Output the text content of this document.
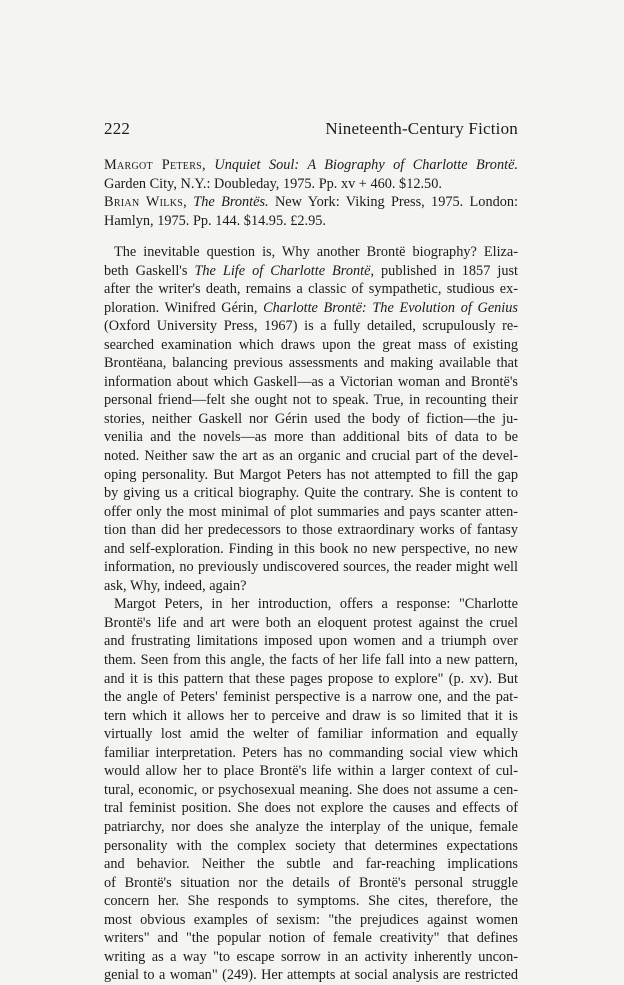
222	Nineteenth-Century Fiction
Margot Peters, Unquiet Soul: A Biography of Charlotte Brontë.
Garden City, N.Y.: Doubleday, 1975. Pp. xv + 460. $12.50.
Brian Wilks, The Brontës. New York: Viking Press, 1975. London:
Hamlyn, 1975. Pp. 144. $14.95. £2.95.
The inevitable question is, Why another Brontë biography? Eliza-
beth Gaskell's The Life of Charlotte Brontë, published in 1857 just
after the writer's death, remains a classic of sympathetic, studious ex-
ploration. Winifred Gérin, Charlotte Brontë: The Evolution of Genius
(Oxford University Press, 1967) is a fully detailed, scrupulously re-
searched examination which draws upon the great mass of existing
Brontëana, balancing previous assessments and making available that
information about which Gaskell—as a Victorian woman and Brontë's
personal friend—felt she ought not to speak. True, in recounting their
stories, neither Gaskell nor Gérin used the body of fiction—the ju-
venilia and the novels—as more than additional bits of data to be
noted. Neither saw the art as an organic and crucial part of the devel-
oping personality. But Margot Peters has not attempted to fill the gap
by giving us a critical biography. Quite the contrary. She is content to
offer only the most minimal of plot summaries and pays scanter atten-
tion than did her predecessors to those extraordinary works of fantasy
and self-exploration. Finding in this book no new perspective, no new
information, no previously undiscovered sources, the reader might well
ask, Why, indeed, again?
Margot Peters, in her introduction, offers a response: "Charlotte
Brontë's life and art were both an eloquent protest against the cruel
and frustrating limitations imposed upon women and a triumph over
them. Seen from this angle, the facts of her life fall into a new pattern,
and it is this pattern that these pages propose to explore" (p. xv). But
the angle of Peters' feminist perspective is a narrow one, and the pat-
tern which it allows her to perceive and draw is so limited that it is
virtually lost amid the welter of familiar information and equally
familiar interpretation. Peters has no commanding social view which
would allow her to place Brontë's life within a larger context of cul-
tural, economic, or psychosexual meaning. She does not assume a cen-
tral feminist position. She does not explore the causes and effects of
patriarchy, nor does she analyze the interplay of the unique, female
personality with the complex society that determines expectations
and behavior. Neither the subtle and far-reaching implications
of Brontë's situation nor the details of Brontë's personal struggle
concern her. She responds to symptoms. She cites, therefore, the
most obvious examples of sexism: "the prejudices against women
writers" and "the popular notion of female creativity" that defines
writing as a way "to escape sorrow in an activity inherently uncon-
genial to a woman" (249). Her attempts at social analysis are restricted
